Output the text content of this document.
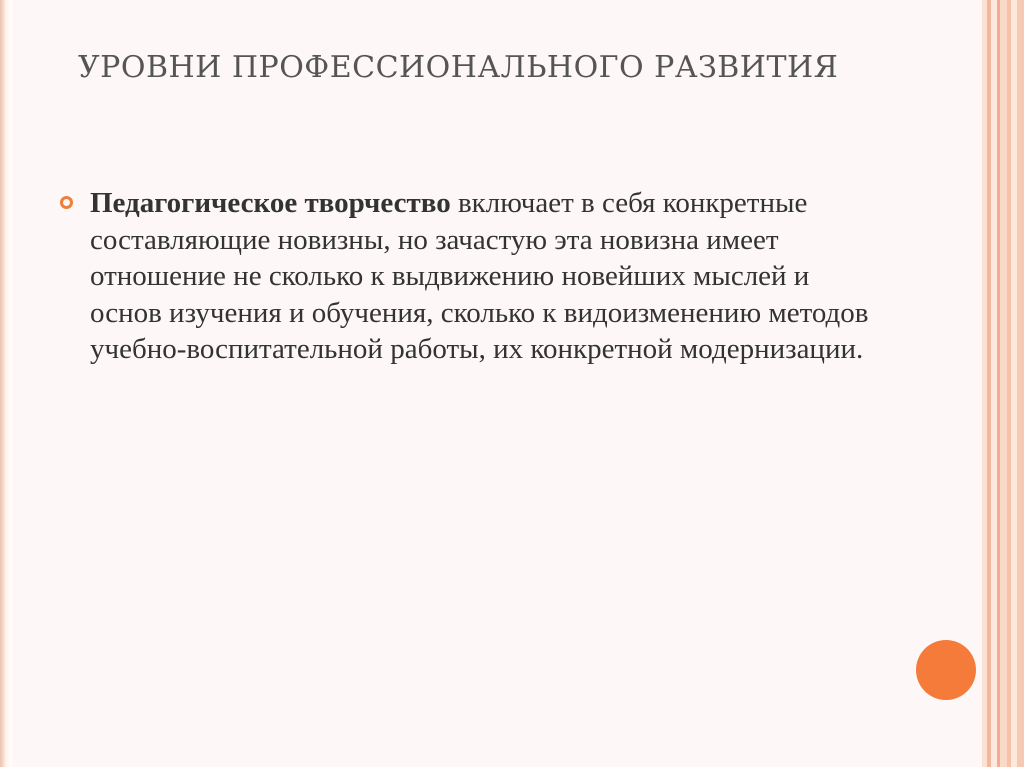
УРОВНИ ПРОФЕССИОНАЛЬНОГО РАЗВИТИЯ

Педагогическое творчество включает в себя конкретные составляющие новизны, но зачастую эта новизна имеет отношение не сколько к выдвижению новейших мыслей и основ изучения и обучения, сколько к видоизменению методов учебно-воспитательной работы, их конкретной модернизации.
